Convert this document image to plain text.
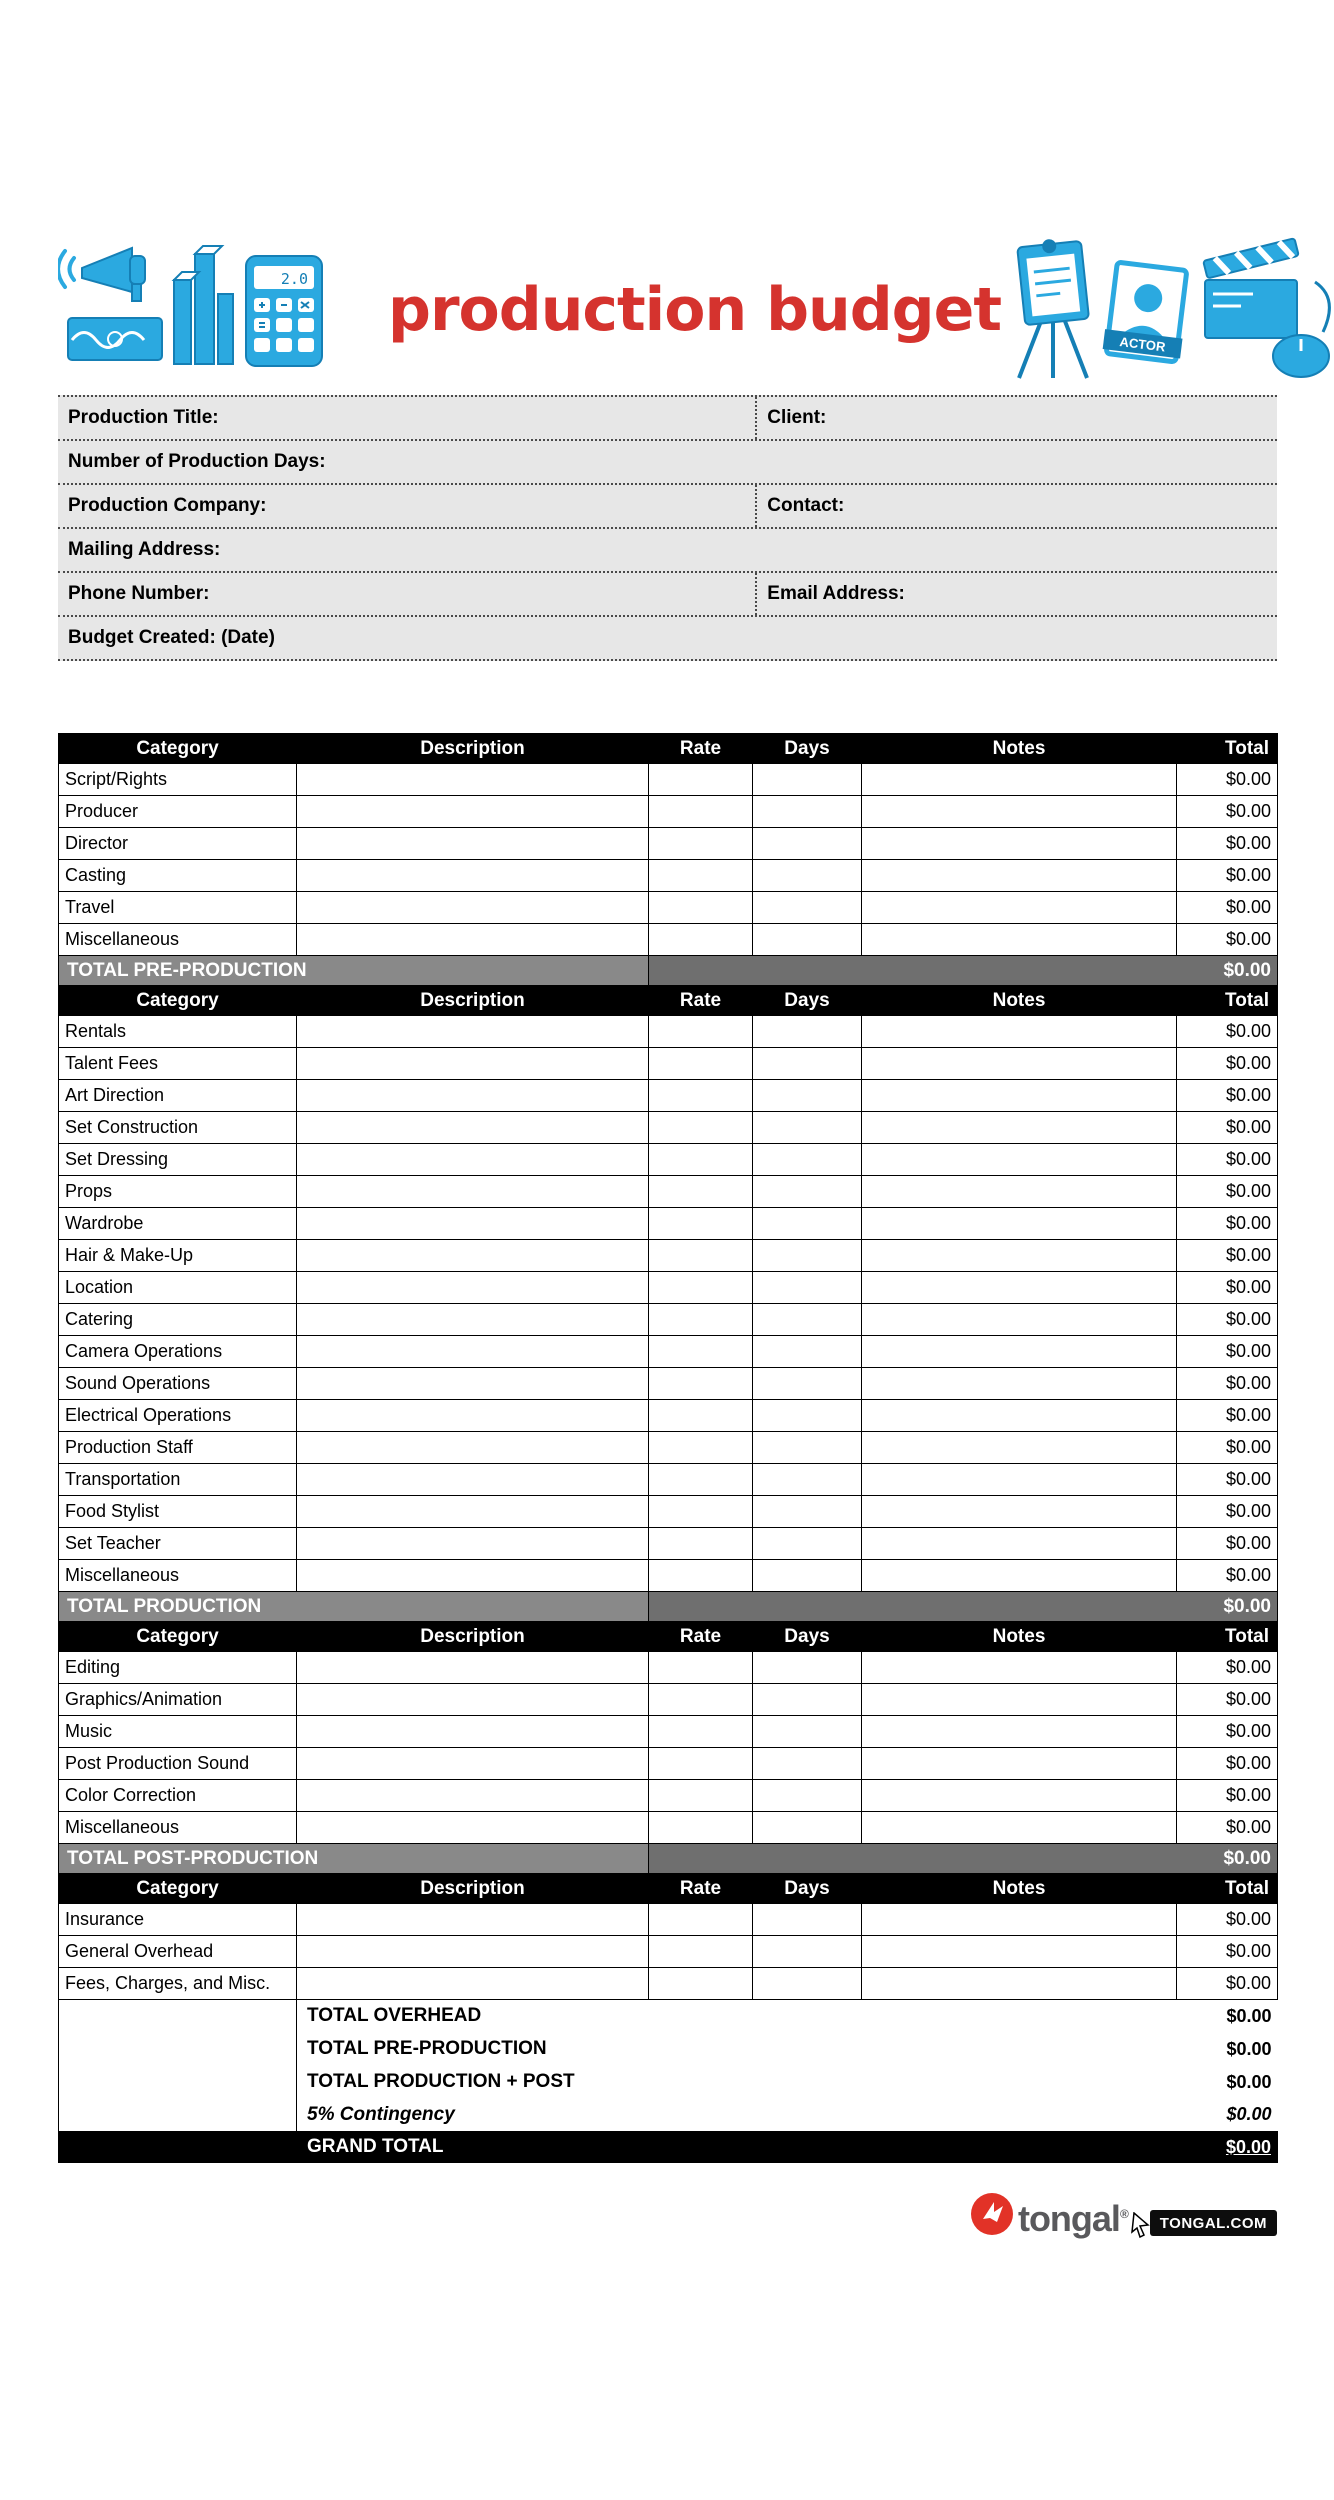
2.0 production budget	ACTOR
Production Title:	Client:
Number of Production Days:
Production Company:	Contact:
Mailing Address:
Phone Number:	Email Address:
Budget Created: (Date)
Category	Description	Rate	Days	Notes	Total
Script/Rights					$0.00
Producer					$0.00
Director					$0.00
Casting					$0.00
Travel					$0.00
Miscellaneous					$0.00
TOTAL PRE-PRODUCTION		$0.00			
Category	Description	Rate	Days	Notes	Total
Rentals					$0.00
Talent Fees					$0.00
Art Direction					$0.00
Set Construction					$0.00
Set Dressing					$0.00
Props					$0.00
Wardrobe					$0.00
Hair & Make-Up					$0.00
Location					$0.00
Catering					$0.00
Camera Operations					$0.00
Sound Operations					$0.00
Electrical Operations					$0.00
Production Staff					$0.00
Transportation					$0.00
Food Stylist					$0.00
Set Teacher					$0.00
Miscellaneous					$0.00
TOTAL PRODUCTION		$0.00			
Category	Description	Rate	Days	Notes	Total
Editing					$0.00
Graphics/Animation					$0.00
Music					$0.00
Post Production Sound					$0.00
Color Correction					$0.00
Miscellaneous					$0.00
TOTAL POST-PRODUCTION		$0.00			
Category	Description	Rate	Days	Notes	Total
Insurance					$0.00
General Overhead					$0.00
Fees, Charges, and Misc.					$0.00
	TOTAL OVERHEAD				$0.00
	TOTAL PRE-PRODUCTION				$0.00
	TOTAL PRODUCTION + POST				$0.00
	5% Contingency				$0.00
	GRAND TOTAL				$0.00
tongal®
TONGAL.COM
